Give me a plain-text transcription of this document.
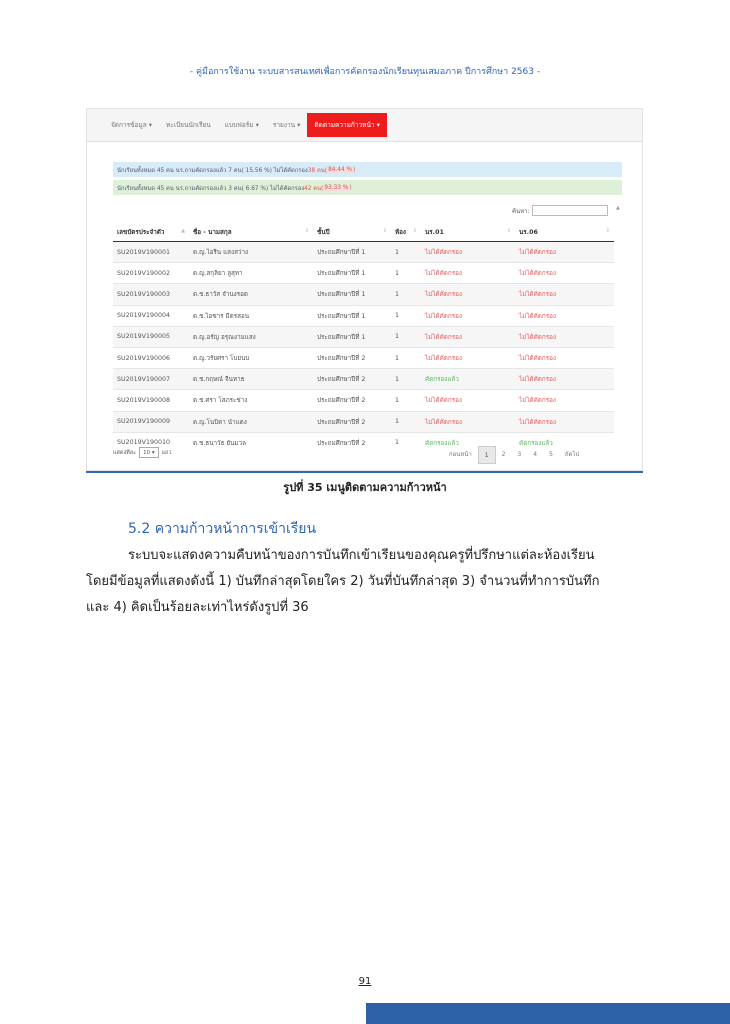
- คู่มือการใช้งาน ระบบสารสนเทศเพื่อการคัดกรองนักเรียนทุนเสมอภาค ปีการศึกษา 2563 -
จัดการข้อมูล ▾	ทะเบียนนักเรียน	แบบฟอร์ม ▾	รายงาน ▾	ติดตามความก้าวหน้า ▾
นักเรียนทั้งหมด 45 คน นร.ถามคัดกรองแล้ว 7 คน( 15.56 %) ไม่ได้คัดกรอง 38 คน( 84.44 % )
นักเรียนทั้งหมด 45 คน นร.ถามคัดกรองแล้ว 3 คน( 6.67 %) ไม่ได้คัดกรอง 42 คน( 93.33 % )
ค้นหา:	▲
เลขบัตรประจำตัว ▲	ชื่อ - นามสกุล ⇕	ชั้นปี ⇕	ห้อง ⇕	นร.01 ⇕	นร.06 ⇕

SU2019V190001	ด.ญ.ไอรีน แสงสว่าง	ประถมศึกษาปีที่ 1	1	ไม่ได้คัดกรอง	ไม่ได้คัดกรอง
SU2019V190002	ด.ญ.สกุลิยา ลูสุทา	ประถมศึกษาปีที่ 1	1	ไม่ได้คัดกรอง	ไม่ได้คัดกรอง
SU2019V190003	ด.ช.ธาวัส จำนงรอด	ประถมศึกษาปีที่ 1	1	ไม่ได้คัดกรอง	ไม่ได้คัดกรอง
SU2019V190004	ด.ช.ไอซาร มีตรสอน	ประถมศึกษาปีที่ 1	1	ไม่ได้คัดกรอง	ไม่ได้คัดกรอง
SU2019V190005	ด.ญ.อรัญ อรุณงามแสง	ประถมศึกษาปีที่ 1	1	ไม่ได้คัดกรอง	ไม่ได้คัดกรอง
SU2019V190006	ด.ญ.วรัยศรา โบยนบ	ประถมศึกษาปีที่ 2	1	ไม่ได้คัดกรอง	ไม่ได้คัดกรอง
SU2019V190007	ด.ช.กฤษณ์ จีนทาธ	ประถมศึกษาปีที่ 2	1	คัดกรองแล้ว	ไม่ได้คัดกรอง
SU2019V190008	ด.ช.ศรา โสภระช่าง	ประถมศึกษาปีที่ 2	1	ไม่ได้คัดกรอง	ไม่ได้คัดกรอง
SU2019V190009	ด.ญ.โนบิตา นำแดง	ประถมศึกษาปีที่ 2	1	ไม่ได้คัดกรอง	ไม่ได้คัดกรอง
SU2019V190010	ด.ช.ธนาวัธ ยันมวล	ประถมศึกษาปีที่ 2	1	คัดกรองแล้ว	คัดกรองแล้ว
แสดงทีละ 10
▾ แถว	ก่อนหน้า	1	2	3	4	5	ถัดไป
รูปที่ 35 เมนูติดตามความก้าวหน้า
5.2 ความก้าวหน้าการเข้าเรียน

ระบบจะแสดงความคืบหน้าของการบันทึกเข้าเรียนของคุณครูที่ปรึกษาแต่ละห้องเรียน

โดยมีข้อมูลที่แสดงดังนี้ 1) บันทึกล่าสุดโดยใคร 2) วันที่บันทึกล่าสุด 3) จำนวนที่ทำการบันทึก

และ 4) คิดเป็นร้อยละเท่าไหร่ดังรูปที่ 36

91
